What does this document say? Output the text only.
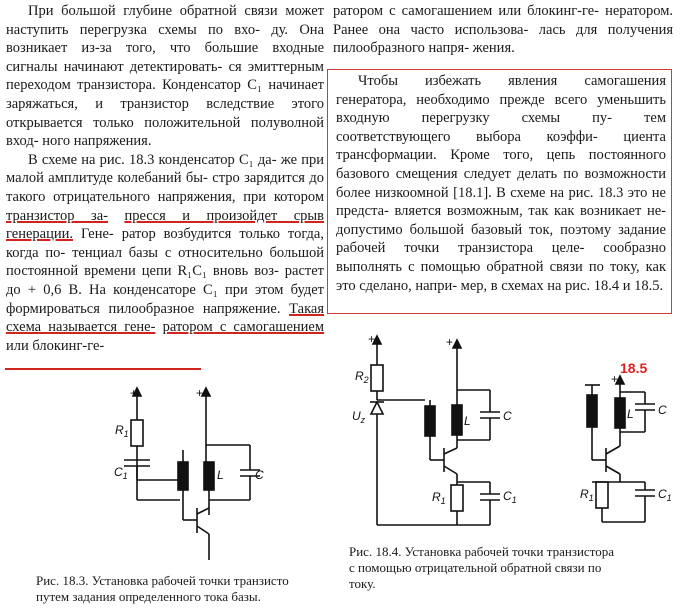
При большой глубине обратной связи может наступить перегрузка схемы по вхо- ду. Она возникает из-за того, что большие входные сигналы начинают детектировать- ся эмиттерным переходом транзистора. Конденсатор C₁ начинает заряжаться, и транзистор вследствие этого открывается только положительной полуволной вход- ного напряжения.

В схеме на рис. 18.3 конденсатор C₁ да- же при малой амплитуде колебаний бы- стро зарядится до такого отрицательного напряжения, при котором транзистор за- пресся и произойдет срыв генерации. Гене- ратор возбудится только тогда, когда по- тенциал базы с относительно большой постоянной времени цепи R₁C₁ вновь воз- растет до + 0,6 В. На конденсаторе C₁ при этом будет формироваться пилообразное напряжение. Такая схема называется гене- ратором с самогашением или блокинг-ге-

ратором с самогашением или блокинг-ге- нератором. Ранее она часто использова- лась для получения пилообразного напря- жения.

Чтобы избежать явления самогашения генератора, необходимо прежде всего уменьшить входную перегрузку схемы пу- тем соответствующего выбора коэффи- циента трансформации. Кроме того, цепь постоянного базового смещения следует делать по возможности более низкоомной [18.1]. В схеме на рис. 18.3 это не предста- вляется возможным, так как возникает не- допустимо большой базовый ток, поэтому задание рабочей точки транзистора целе- сообразно выполнять с помощью обратной связи по току, как это сделано, напри- мер, в схемах на рис. 18.4 и 18.5.

+	+
$R_1$
$C_1$	L	C
+	+
$R_2$
$U_z$	L	C
$R_1$	$C_1$
18.5
+
L C
$R_1$	$C_1$

Рис. 18.3. Установка рабочей точки транзисто
путем задания определенного тока базы.

Рис. 18.4. Установка рабочей точки транзистора
с помощью отрицательной обратной связи по
току.
